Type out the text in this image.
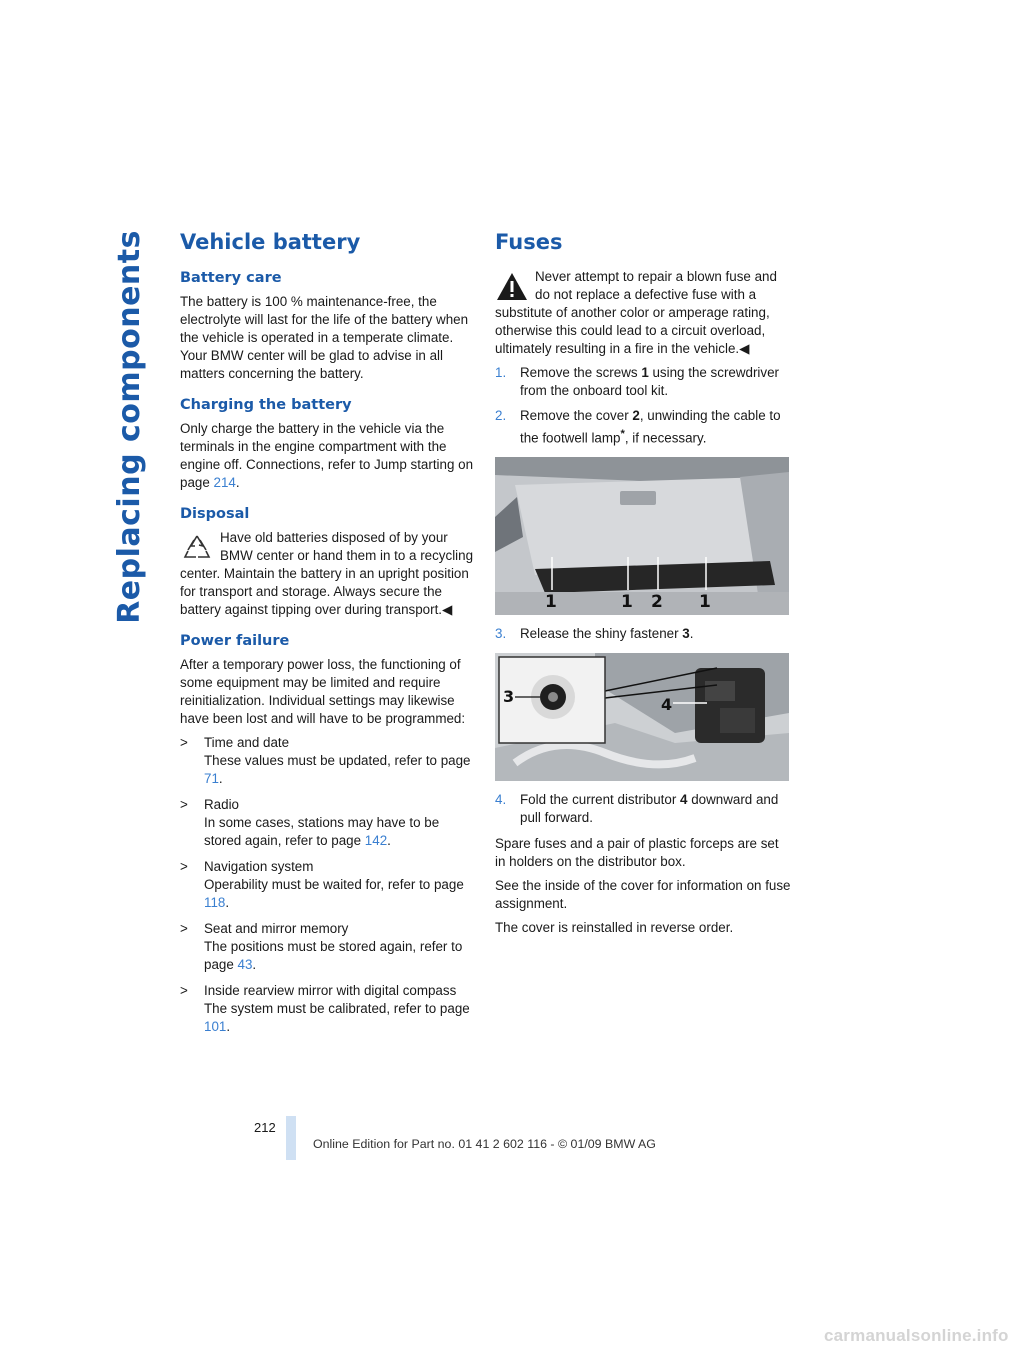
Replacing components Vehicle battery
Battery care

The battery is 100 % maintenance-free, the electrolyte will last for the life of the battery when the vehicle is operated in a temperate climate. Your BMW center will be glad to advise in all matters concerning the battery.

Charging the battery

Only charge the battery in the vehicle via the terminals in the engine compartment with the engine off. Connections, refer to Jump starting on page 214.

Disposal
Have old batteries disposed of by your BMW center or hand them in to a recycling center. Maintain the battery in an upright position for transport and storage. Always secure the battery against tipping over during transport.◀
Power failure

After a temporary power loss, the functioning of some equipment may be limited and require reinitialization. Individual settings may likewise have been lost and will have to be programmed:

> Time and date
These values must be updated, refer to page 71.
> Radio
In some cases, stations may have to be stored again, refer to page 142.
> Navigation system
Operability must be waited for, refer to page 118.
> Seat and mirror memory
The positions must be stored again, refer to page 43.
> Inside rearview mirror with digital compass
The system must be calibrated, refer to page 101.
Fuses
Never attempt to repair a blown fuse and do not replace a defective fuse with a substitute of another color or amperage rating, otherwise this could lead to a circuit overload, ultimately resulting in a fire in the vehicle.◀
1. Remove the screws 1 using the screwdriver from the onboard tool kit.
2. Remove the cover 2, unwinding the cable to the footwell lamp*, if necessary.
1	1 2 1
3. Release the shiny fastener 3.
3	4
4. Fold the current distributor 4 downward and pull forward.

Spare fuses and a pair of plastic forceps are set in holders on the distributor box.

See the inside of the cover for information on fuse assignment.

The cover is reinstalled in reverse order.

212
Online Edition for Part no. 01 41 2 602 116 - © 01/09 BMW AG
carmanualsonline.info
